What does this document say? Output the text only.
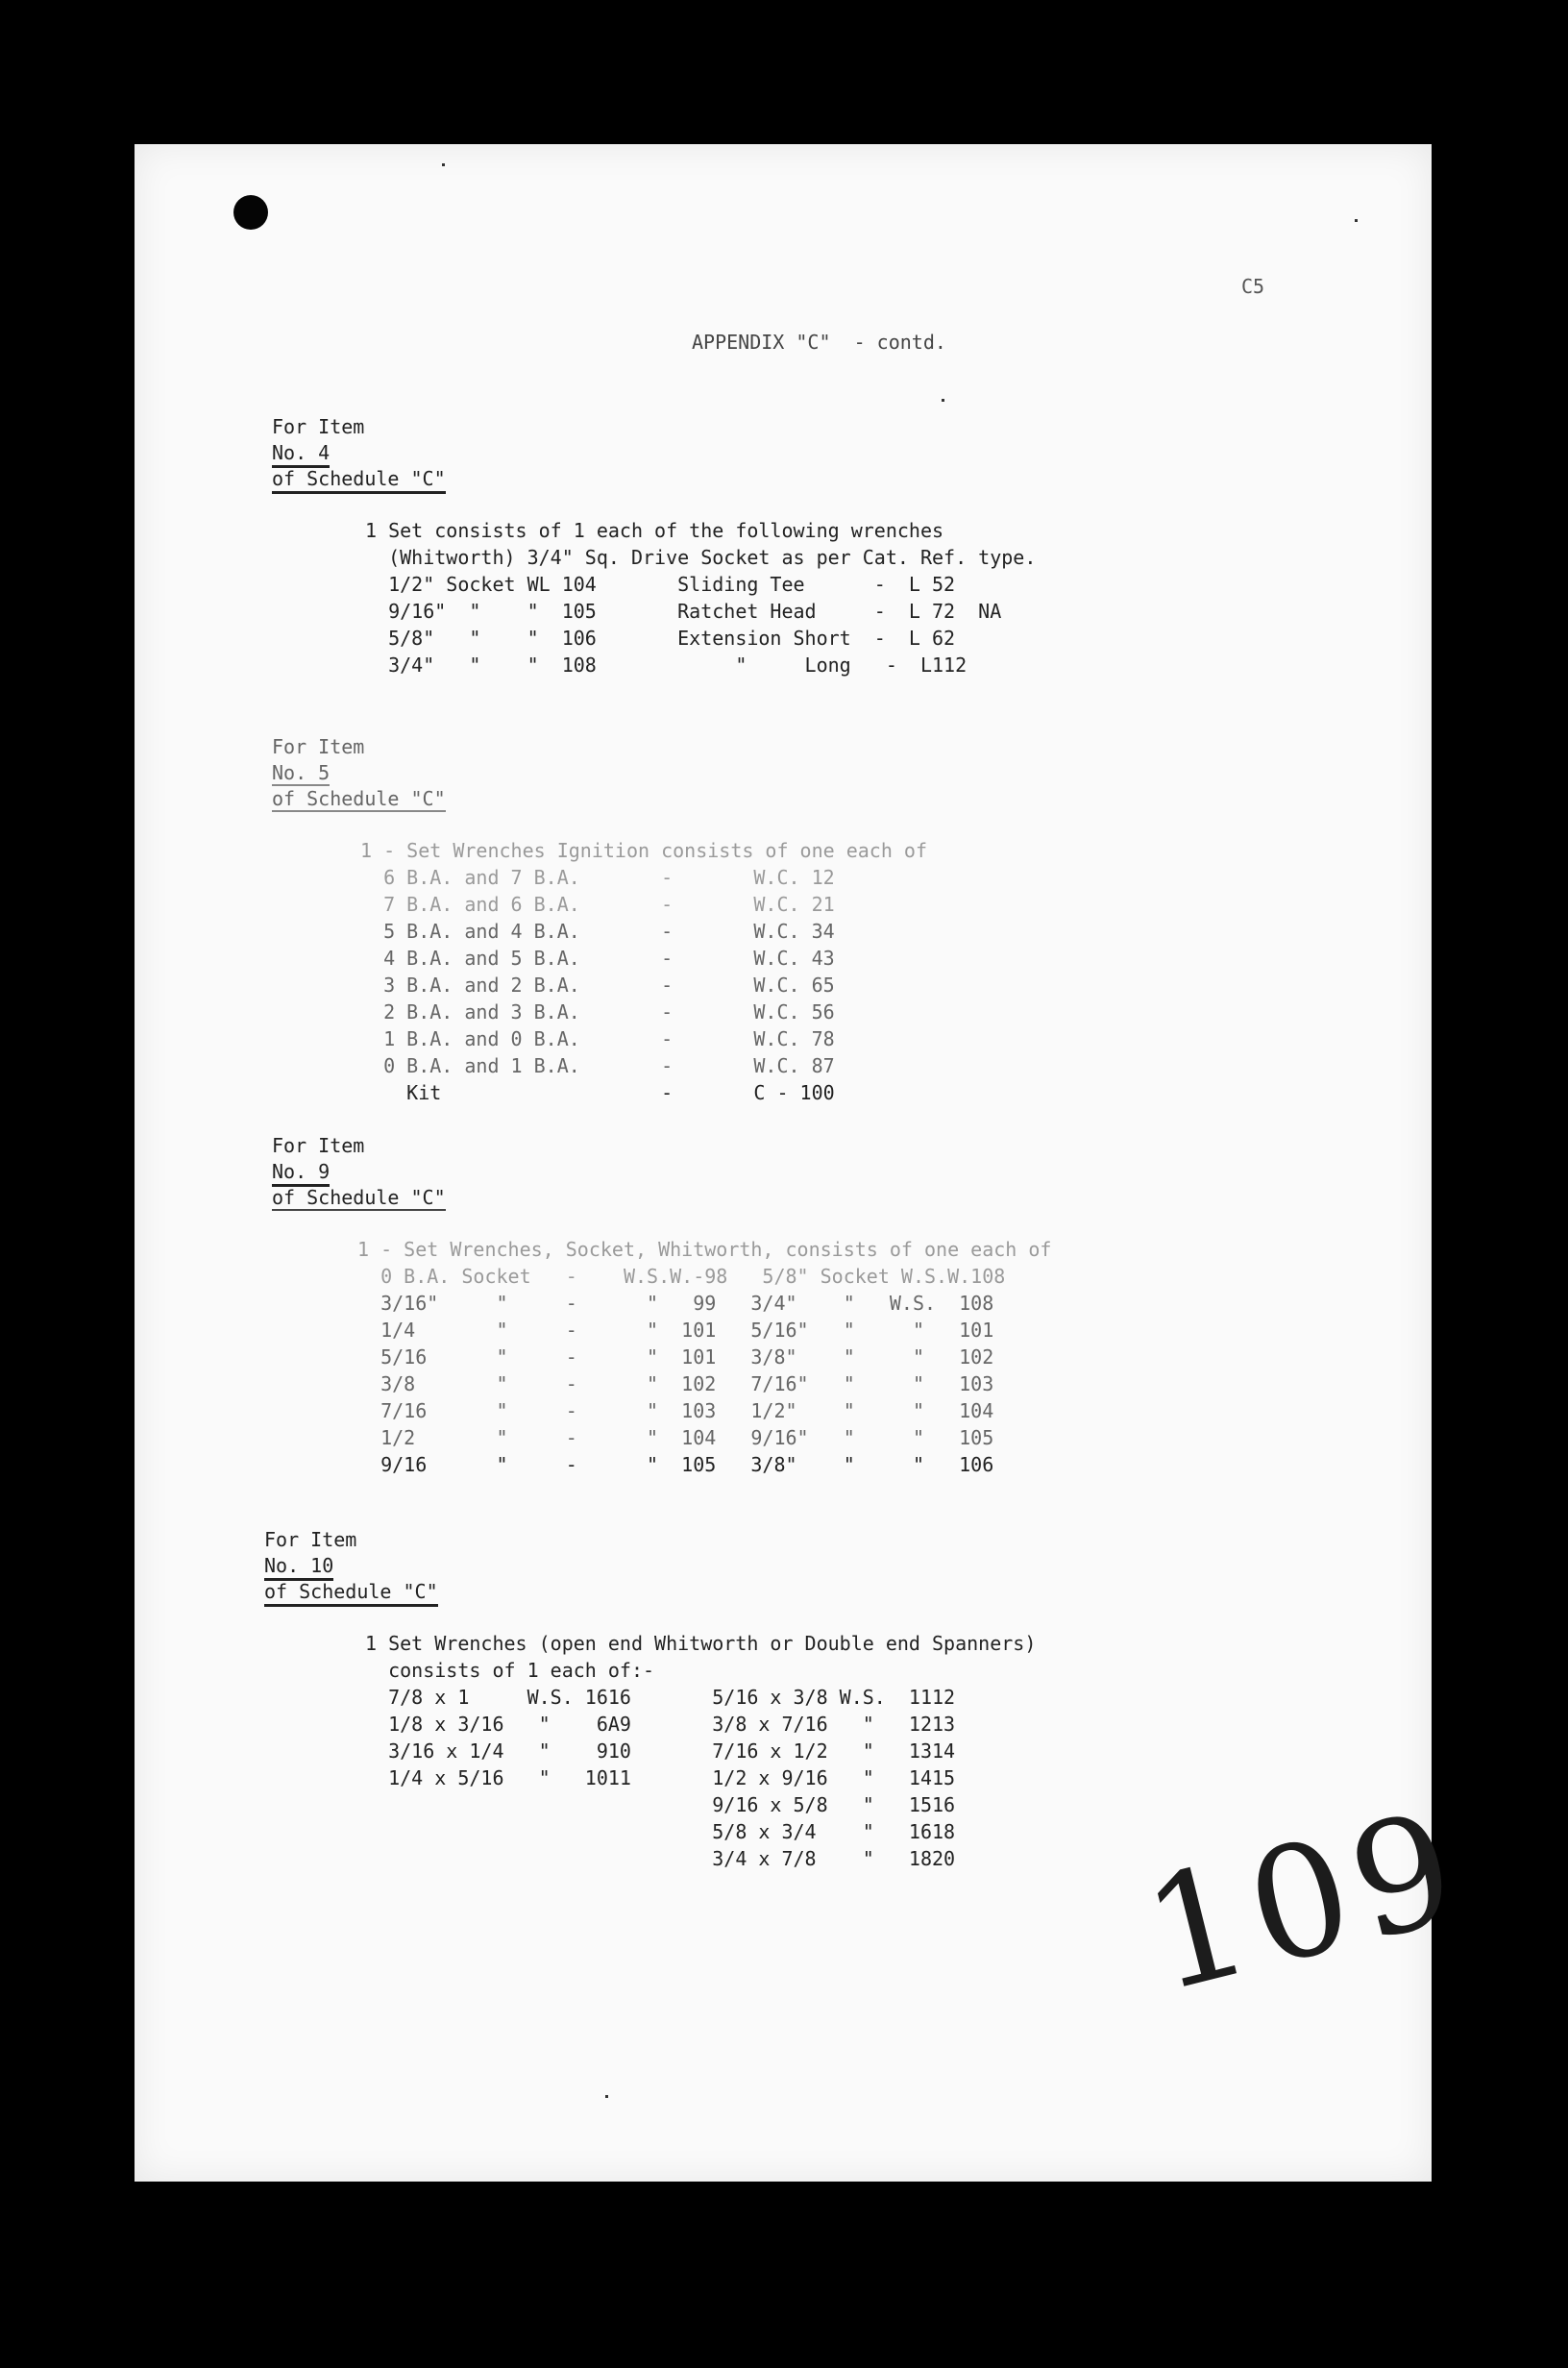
C5
APPENDIX "C"  - contd.
For Item
No. 4
of Schedule "C"
1 Set consists of 1 each of the following wrenches
(Whitworth) 3/4" Sq. Drive Socket as per Cat. Ref. type.
1/2" Socket WL 104       Sliding Tee      -  L 52
9/16"  "    "  105       Ratchet Head     -  L 72  NA
5/8"   "    "  106       Extension Short  -  L 62
3/4"   "    "  108            "     Long   -  L112
For Item
No. 5
of Schedule "C"
1 - Set Wrenches Ignition consists of one each of
6 B.A. and 7 B.A.       -       W.C. 12
7 B.A. and 6 B.A.       -       W.C. 21
5 B.A. and 4 B.A.       -       W.C. 34
4 B.A. and 5 B.A.       -       W.C. 43
3 B.A. and 2 B.A.       -       W.C. 65
2 B.A. and 3 B.A.       -       W.C. 56
1 B.A. and 0 B.A.       -       W.C. 78
0 B.A. and 1 B.A.       -       W.C. 87
Kit                   -       C - 100
For Item
No. 9
of Schedule "C"
1 - Set Wrenches, Socket, Whitworth, consists of one each of
0 B.A. Socket   -    W.S.W.-98   5/8" Socket W.S.W.108
3/16"     "     -      "   99   3/4"    "   W.S.  108
1/4       "     -      "  101   5/16"   "     "   101
5/16      "     -      "  101   3/8"    "     "   102
3/8       "     -      "  102   7/16"   "     "   103
7/16      "     -      "  103   1/2"    "     "   104
1/2       "     -      "  104   9/16"   "     "   105
9/16      "     -      "  105   3/8"    "     "   106
For Item
No. 10
of Schedule "C"
1 Set Wrenches (open end Whitworth or Double end Spanners)
consists of 1 each of:-
7/8 x 1     W.S. 1616       5/16 x 3/8 W.S.  1112
1/8 x 3/16   "    6A9       3/8 x 7/16   "   1213
3/16 x 1/4   "    910       7/16 x 1/2   "   1314
1/4 x 5/16   "   1011       1/2 x 9/16   "   1415
9/16 x 5/8   "   1516
5/8 x 3/4    "   1618
3/4 x 7/8    "   1820 109
